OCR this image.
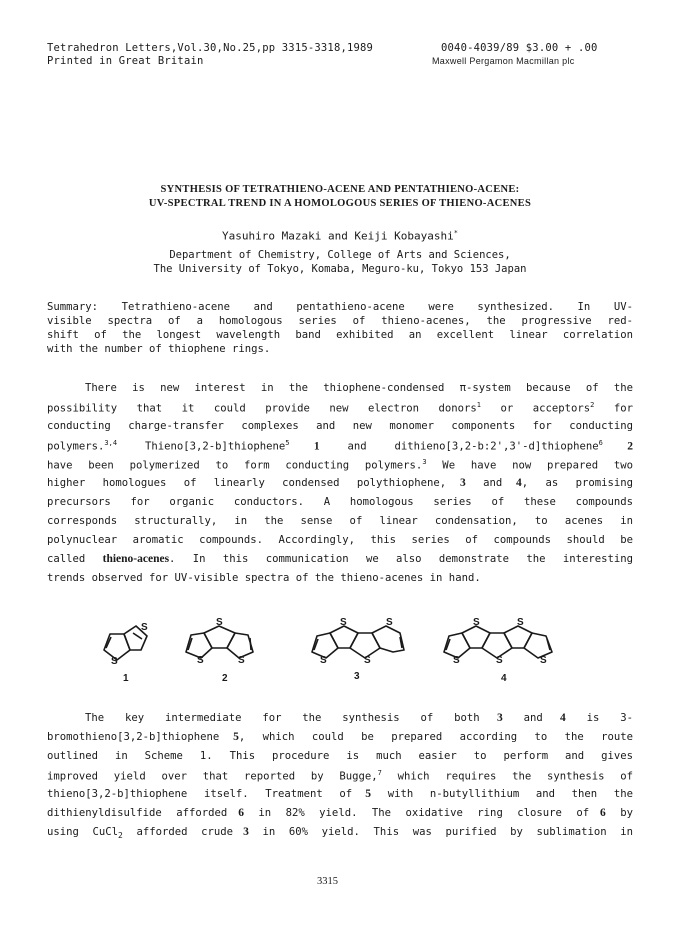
Tetrahedron Letters,Vol.30,No.25,pp 3315-3318,1989
Printed in Great Britain
0040-4039/89 $3.00 + .00
Maxwell Pergamon Macmillan plc
SYNTHESIS OF TETRATHIENO-ACENE AND PENTATHIENO-ACENE:
UV-SPECTRAL TREND IN A HOMOLOGOUS SERIES OF THIENO-ACENES
Yasuhiro Mazaki and Keiji Kobayashi*
Department of Chemistry, College of Arts and Sciences,
The University of Tokyo, Komaba, Meguro-ku, Tokyo 153 Japan
Summary: Tetrathieno-acene and pentathieno-acene were synthesized. In UV-
visible spectra of a homologous series of thieno-acenes, the progressive red-
shift of the longest wavelength band exhibited an excellent linear correlation
with the number of thiophene rings.
There is new interest in the thiophene-condensed π-system because of the
possibility that it could provide new electron donors$^1$ or acceptors$^2$ for
conducting charge-transfer complexes and new monomer components for conducting
polymers.$^{3,4}$ Thieno[3,2-b]thiophene$^5$ 1 and dithieno[3,2-b:2',3'-d]thiophene$^6$ 2
have been polymerized to form conducting polymers.$^3$ We have now prepared two
higher homologues of linearly condensed polythiophene, 3 and 4, as promising
precursors for organic conductors. A homologous series of these compounds
corresponds structurally, in the sense of linear condensation, to acenes in
polynuclear aromatic compounds. Accordingly, this series of compounds should be
called thieno-acenes. In this communication we also demonstrate the interesting
trends observed for UV-visible spectra of the thieno-acenes in hand.
S
S
S
S	S
S	S
S	S
S	S
S	S	S
1	2	3	4
The key intermediate for the synthesis of both 3 and 4 is 3-
bromothieno[3,2-b]thiophene 5, which could be prepared according to the route
outlined in Scheme 1. This procedure is much easier to perform and gives
improved yield over that reported by Bugge,$^7$ which requires the synthesis of
thieno[3,2-b]thiophene itself. Treatment of 5 with n-butyllithium and then the
dithienyldisulfide afforded 6 in 82% yield. The oxidative ring closure of 6 by
using CuCl$_2$ afforded crude 3 in 60% yield. This was purified by sublimation in
3315
